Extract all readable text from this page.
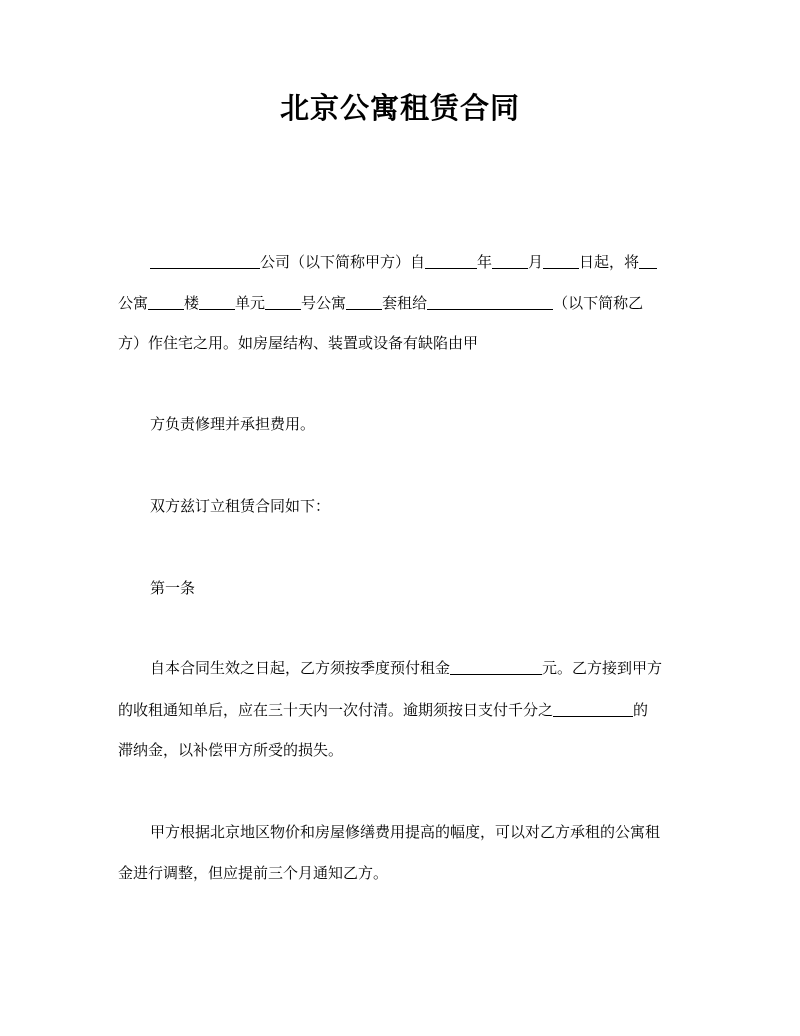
北京公寓租赁合同
公司（以下简称甲方）自	年 月 日起，将
公寓 楼 单元 号公寓 套租给	（以下简称乙
方）作住宅之用。如房屋结构、装置或设备有缺陷由甲
方负责修理并承担费用。
双方兹订立租赁合同如下：
第一条
自本合同生效之日起，乙方须按季度预付租金	元。乙方接到甲方
的收租通知单后，应在三十天内一次付清。逾期须按日支付千分之	的
滞纳金，以补偿甲方所受的损失。
甲方根据北京地区物价和房屋修缮费用提高的幅度，可以对乙方承租的公寓租
金进行调整，但应提前三个月通知乙方。
